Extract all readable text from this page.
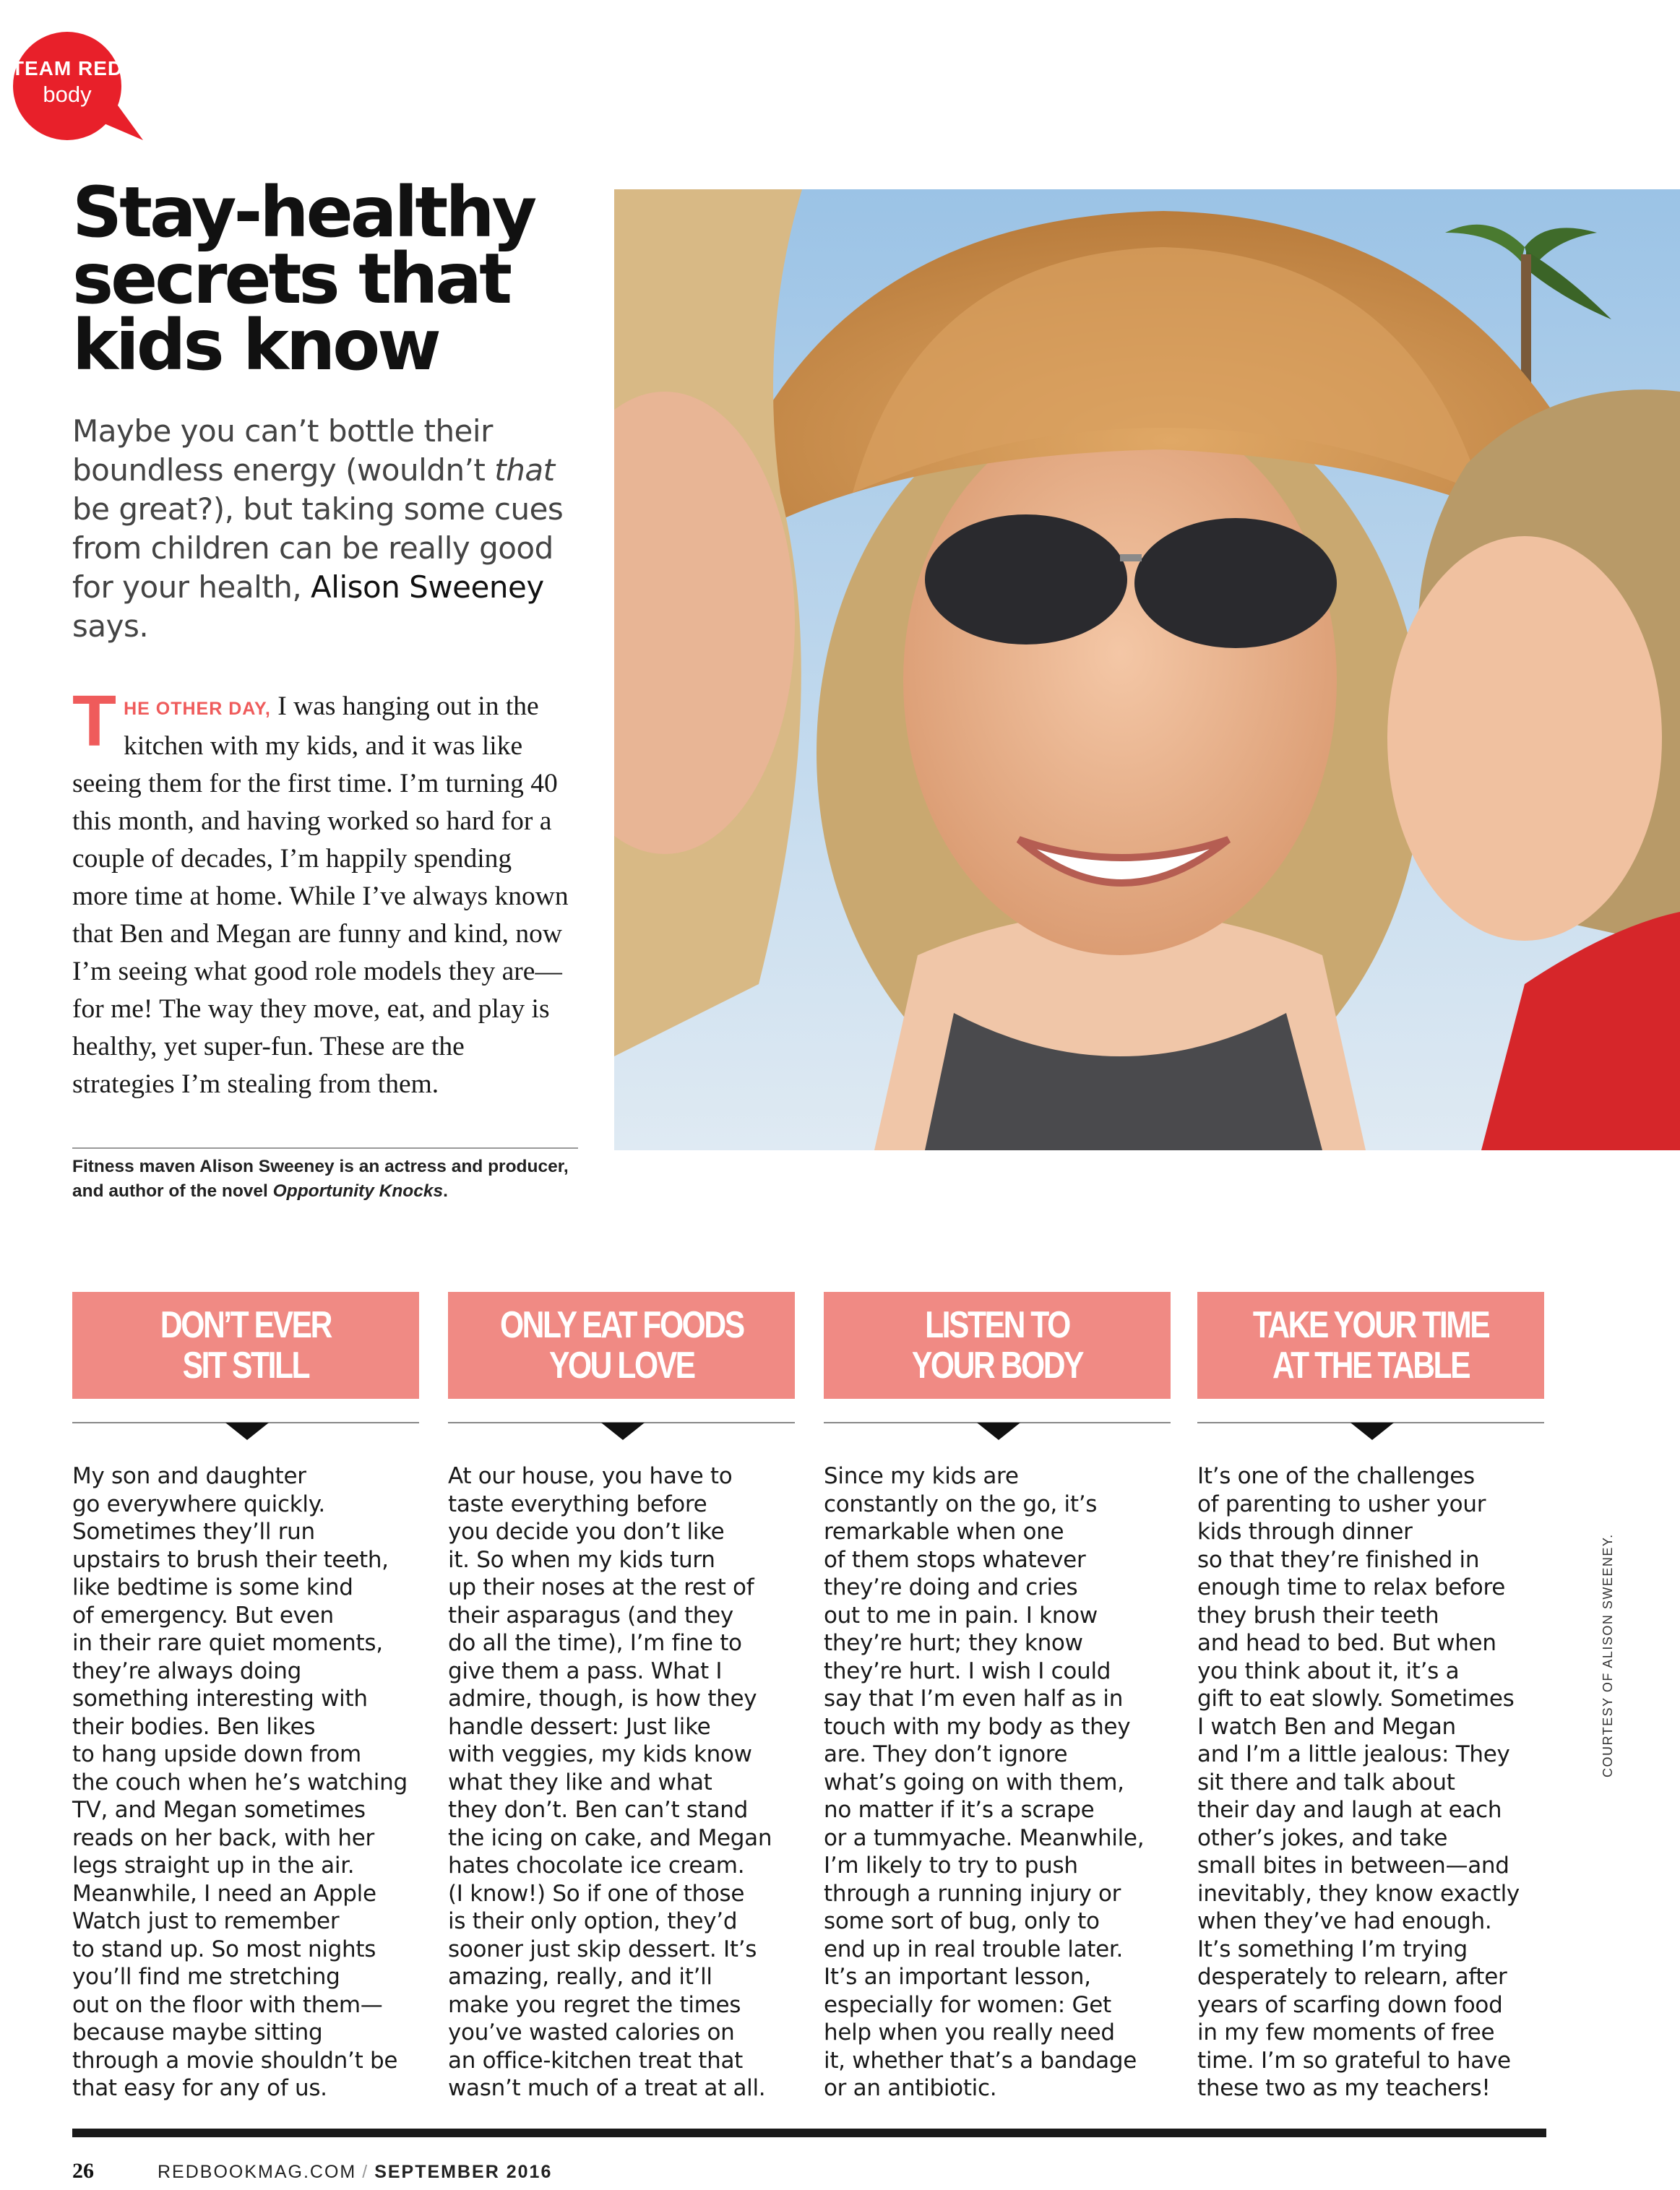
TEAM RED
body
Stay-healthy secrets that kids know
Maybe you can’t bottle their boundless energy (wouldn’t that be great?), but taking some cues from children can be really good for your health, Alison Sweeney says.

THE OTHER DAY, I was hanging out in the kitchen with my kids, and it was like seeing them for the first time. I’m turning 40 this month, and having worked so hard for a couple of decades, I’m happily spending more time at home. While I’ve always known that Ben and Megan are funny and kind, now I’m seeing what good role models they are—for me! The way they move, eat, and play is healthy, yet super-fun. These are the strategies I’m stealing from them.

Fitness maven Alison Sweeney is an actress and producer, and author of the novel Opportunity Knocks.
DON’T EVER
SIT STILL
My son and daughter
go everywhere quickly.
Sometimes they’ll run
upstairs to brush their teeth,
like bedtime is some kind
of emergency. But even
in their rare quiet moments,
they’re always doing
something interesting with
their bodies. Ben likes
to hang upside down from
the couch when he’s watching
TV, and Megan sometimes
reads on her back, with her
legs straight up in the air.
Meanwhile, I need an Apple
Watch just to remember
to stand up. So most nights
you’ll find me stretching
out on the floor with them—
because maybe sitting
through a movie shouldn’t be
that easy for any of us.
ONLY EAT FOODS
YOU LOVE
At our house, you have to
taste everything before
you decide you don’t like
it. So when my kids turn
up their noses at the rest of
their asparagus (and they
do all the time), I’m fine to
give them a pass. What I
admire, though, is how they
handle dessert: Just like
with veggies, my kids know
what they like and what
they don’t. Ben can’t stand
the icing on cake, and Megan
hates chocolate ice cream.
(I know!) So if one of those
is their only option, they’d
sooner just skip dessert. It’s
amazing, really, and it’ll
make you regret the times
you’ve wasted calories on
an office-kitchen treat that
wasn’t much of a treat at all.
LISTEN TO
YOUR BODY
Since my kids are
constantly on the go, it’s
remarkable when one
of them stops whatever
they’re doing and cries
out to me in pain. I know
they’re hurt; they know
they’re hurt. I wish I could
say that I’m even half as in
touch with my body as they
are. They don’t ignore
what’s going on with them,
no matter if it’s a scrape
or a tummyache. Meanwhile,
I’m likely to try to push
through a running injury or
some sort of bug, only to
end up in real trouble later.
It’s an important lesson,
especially for women: Get
help when you really need
it, whether that’s a bandage
or an antibiotic.
TAKE YOUR TIME
AT THE TABLE
It’s one of the challenges
of parenting to usher your
kids through dinner
so that they’re finished in
enough time to relax before
they brush their teeth
and head to bed. But when
you think about it, it’s a
gift to eat slowly. Sometimes
I watch Ben and Megan
and I’m a little jealous: They
sit there and talk about
their day and laugh at each
other’s jokes, and take
small bites in between—and
inevitably, they know exactly
when they’ve had enough.
It’s something I’m trying
desperately to relearn, after
years of scarfing down food
in my few moments of free
time. I’m so grateful to have
these two as my teachers!
COURTESY OF ALISON SWEENEY.
26	REDBOOKMAG.COM / SEPTEMBER 2016
